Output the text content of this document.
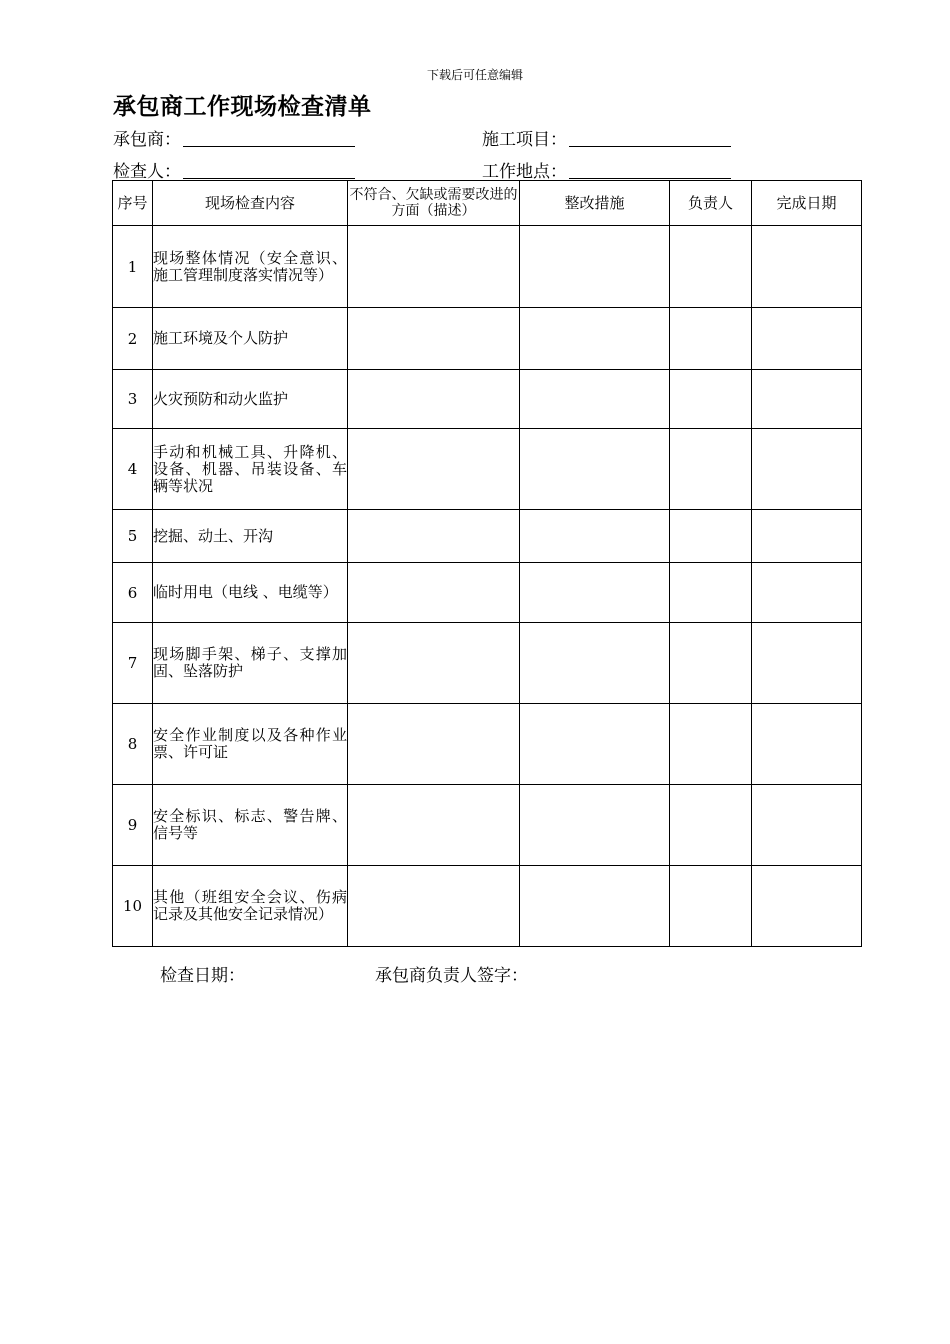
下载后可任意编辑
承包商工作现场检查清单
承包商：	施工项目：
检查人：	工作地点：
序号	现场检查内容	不符合、欠缺或需要改进的方面（描述）	整改措施	负责人	完成日期
1	现场整体情况（安全意识、施工管理制度落实情况等）				
2	施工环境及个人防护				
3	火灾预防和动火监护				
4	手动和机械工具、升降机、设备、机器、吊装设备、车辆等状况				
5	挖掘、动土、开沟				
6	临时用电（电线 、电缆等）				
7	现场脚手架、梯子、支撑加固、坠落防护				
8	安全作业制度以及各种作业票、许可证				
9	安全标识、标志、警告牌、信号等				
10	其他（班组安全会议、伤病记录及其他安全记录情况）				
检查日期：	承包商负责人签字：
